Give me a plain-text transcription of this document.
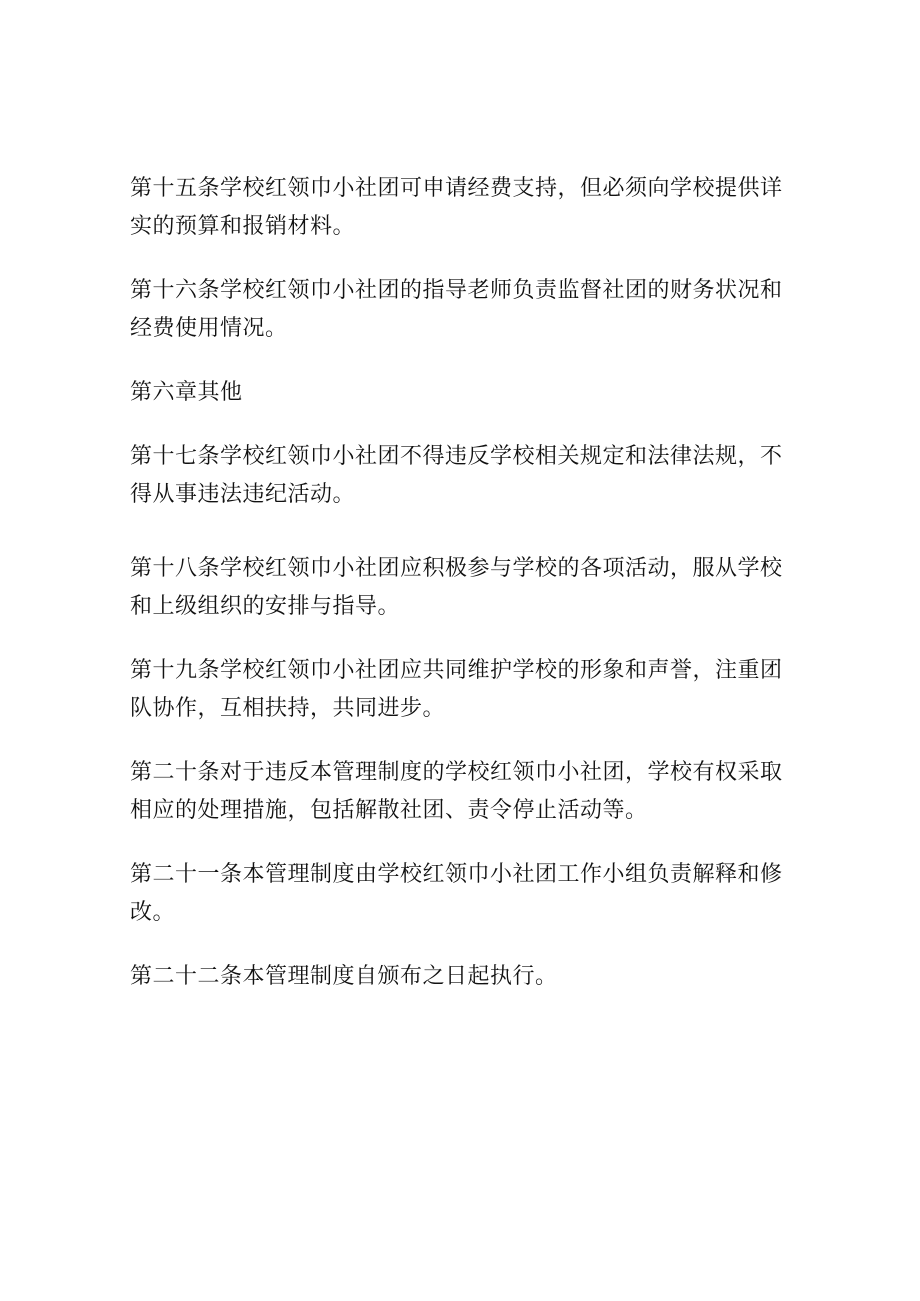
第十五条学校红领巾小社团可申请经费支持，但必须向学校提供详实的预算和报销材料。

第十六条学校红领巾小社团的指导老师负责监督社团的财务状况和经费使用情况。

第六章其他

第十七条学校红领巾小社团不得违反学校相关规定和法律法规，不得从事违法违纪活动。

第十八条学校红领巾小社团应积极参与学校的各项活动，服从学校和上级组织的安排与指导。

第十九条学校红领巾小社团应共同维护学校的形象和声誉，注重团队协作，互相扶持，共同进步。

第二十条对于违反本管理制度的学校红领巾小社团，学校有权采取相应的处理措施，包括解散社团、责令停止活动等。

第二十一条本管理制度由学校红领巾小社团工作小组负责解释和修改。

第二十二条本管理制度自颁布之日起执行。
